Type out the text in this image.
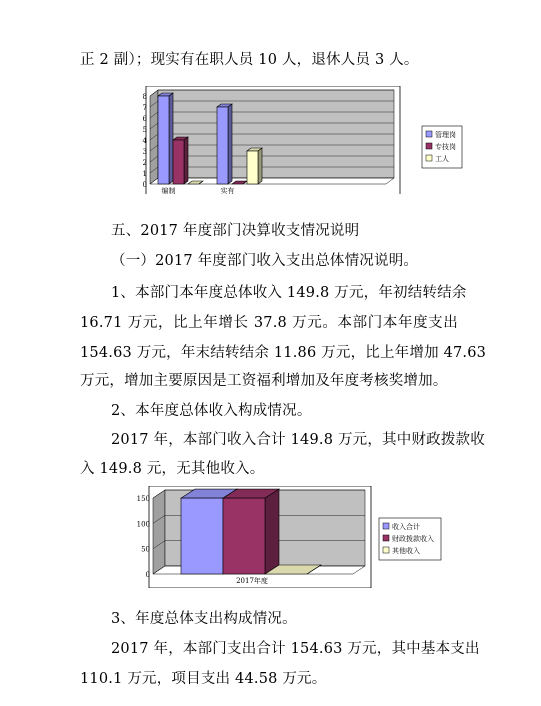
正 2 副）；现实有在职人员 10 人，退休人员 3 人。
0
1
2
3
4
5
6
7
8
编制	实有
管理岗
专技岗
工人
五、2017 年度部门决算收支情况说明
（一）2017 年度部门收入支出总体情况说明。
1、本部门本年度总体收入 149.8 万元，年初结转结余
16.71 万元，比上年增长 37.8 万元。本部门本年度支出
154.63 万元，年末结转结余 11.86 万元，比上年增加 47.63
万元，增加主要原因是工资福利增加及年度考核奖增加。
2、本年度总体收入构成情况。
2017 年，本部门收入合计 149.8 万元，其中财政拨款收
入 149.8 元，无其他收入。
0
50
100
150
2017年度
收入合计
财政拨款收入
其他收入
3、年度总体支出构成情况。
2017 年，本部门支出合计 154.63 万元，其中基本支出
110.1 万元，项目支出 44.58 万元。
